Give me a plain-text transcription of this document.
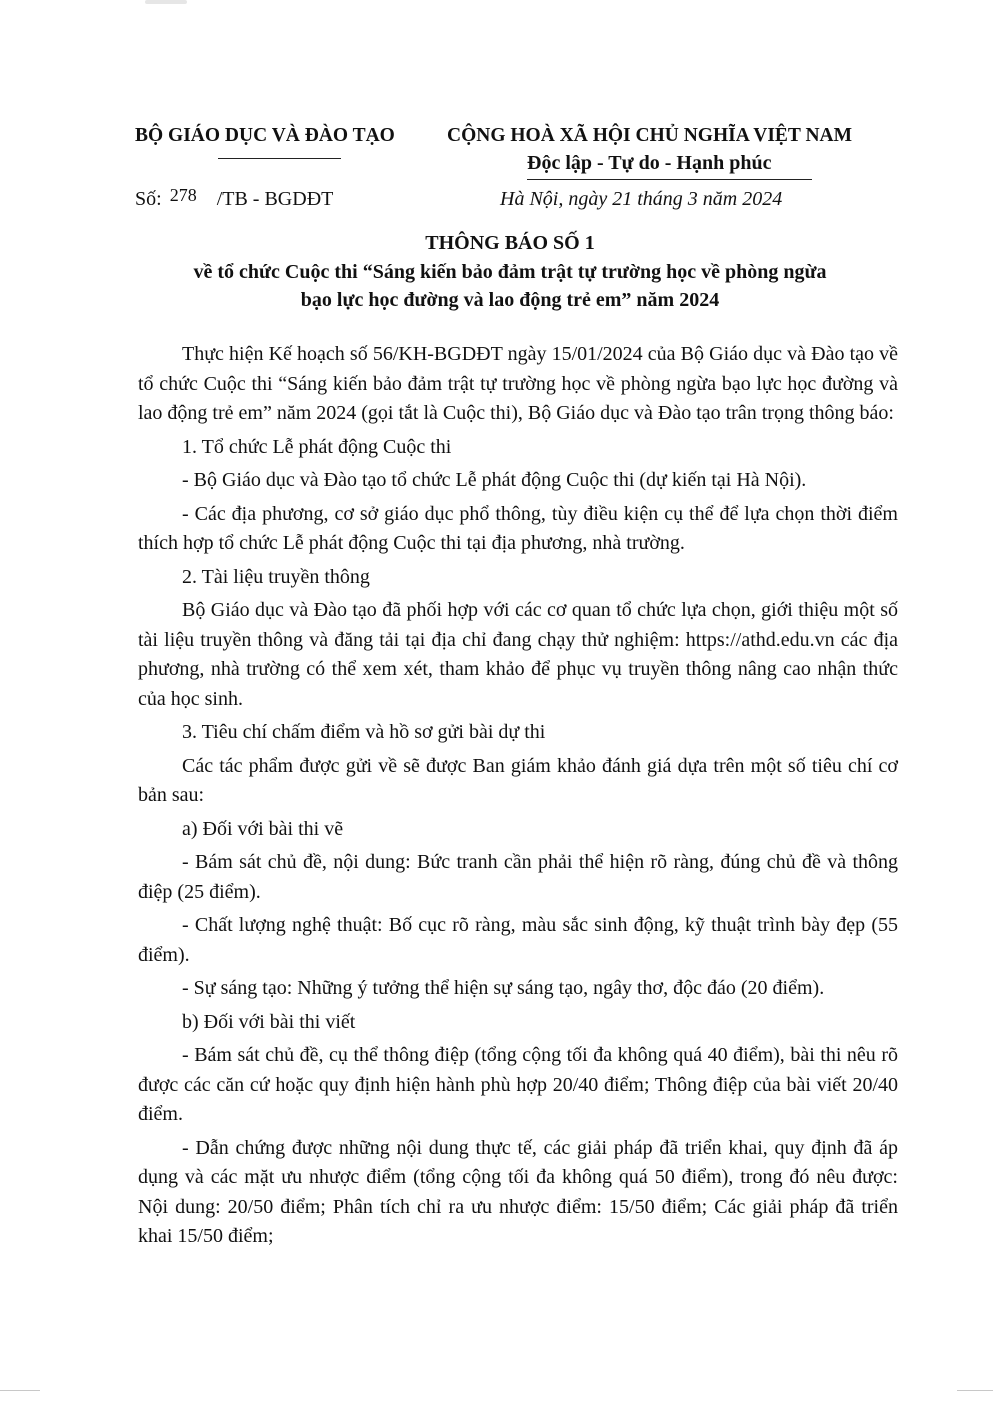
BỘ GIÁO DỤC VÀ ĐÀO TẠO	CỘNG HOÀ XÃ HỘI CHỦ NGHĨA VIỆT NAM
Độc lập - Tự do - Hạnh phúc
Số: 278 /TB - BGDĐT	Hà Nội, ngày 21 tháng 3 năm 2024
THÔNG BÁO SỐ 1
về tổ chức Cuộc thi “Sáng kiến bảo đảm trật tự trường học về phòng ngừa
bạo lực học đường và lao động trẻ em” năm 2024

Thực hiện Kế hoạch số 56/KH-BGDĐT ngày 15/01/2024 của Bộ Giáo dục và Đào tạo về tổ chức Cuộc thi “Sáng kiến bảo đảm trật tự trường học về phòng ngừa bạo lực học đường và lao động trẻ em” năm 2024 (gọi tắt là Cuộc thi), Bộ Giáo dục và Đào tạo trân trọng thông báo:

1. Tổ chức Lễ phát động Cuộc thi

- Bộ Giáo dục và Đào tạo tổ chức Lễ phát động Cuộc thi (dự kiến tại Hà Nội).

- Các địa phương, cơ sở giáo dục phổ thông, tùy điều kiện cụ thể để lựa chọn thời điểm thích hợp tổ chức Lễ phát động Cuộc thi tại địa phương, nhà trường.

2. Tài liệu truyền thông

Bộ Giáo dục và Đào tạo đã phối hợp với các cơ quan tổ chức lựa chọn, giới thiệu một số tài liệu truyền thông và đăng tải tại địa chỉ đang chạy thử nghiệm: https://athd.edu.vn các địa phương, nhà trường có thể xem xét, tham khảo để phục vụ truyền thông nâng cao nhận thức của học sinh.

3. Tiêu chí chấm điểm và hồ sơ gửi bài dự thi

Các tác phẩm được gửi về sẽ được Ban giám khảo đánh giá dựa trên một số tiêu chí cơ bản sau:

a) Đối với bài thi vẽ

- Bám sát chủ đề, nội dung: Bức tranh cần phải thể hiện rõ ràng, đúng chủ đề và thông điệp (25 điểm).

- Chất lượng nghệ thuật: Bố cục rõ ràng, màu sắc sinh động, kỹ thuật trình bày đẹp (55 điểm).

- Sự sáng tạo: Những ý tưởng thể hiện sự sáng tạo, ngây thơ, độc đáo (20 điểm).

b) Đối với bài thi viết

- Bám sát chủ đề, cụ thể thông điệp (tổng cộng tối đa không quá 40 điểm), bài thi nêu rõ được các căn cứ hoặc quy định hiện hành phù hợp 20/40 điểm; Thông điệp của bài viết 20/40 điểm.

- Dẫn chứng được những nội dung thực tế, các giải pháp đã triển khai, quy định đã áp dụng và các mặt ưu nhược điểm (tổng cộng tối đa không quá 50 điểm), trong đó nêu được: Nội dung: 20/50 điểm; Phân tích chỉ ra ưu nhược điểm: 15/50 điểm; Các giải pháp đã triển khai 15/50 điểm;
